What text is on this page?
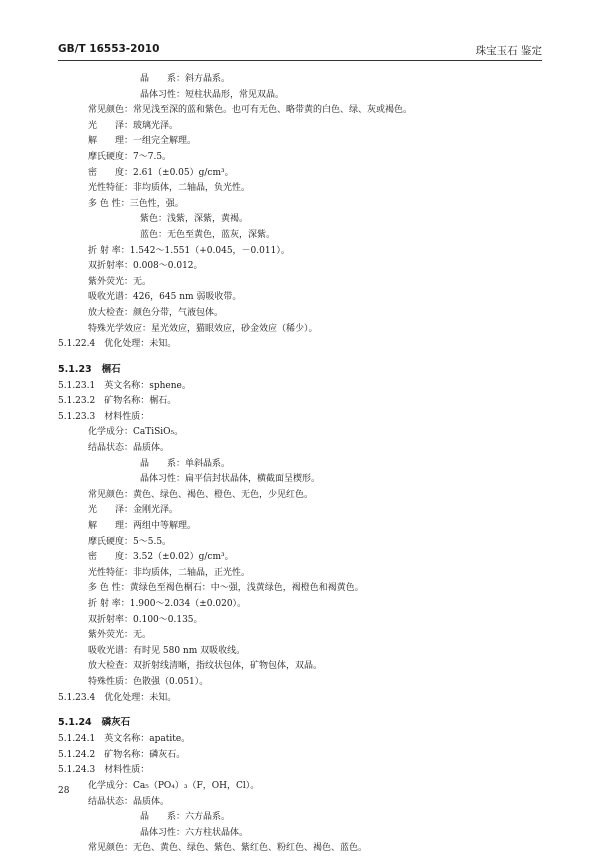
GB/T 16553-2010	珠宝玉石 鉴定
晶　　系：斜方晶系。
晶体习性：短柱状晶形，常见双晶。
常见颜色：常见浅至深的蓝和紫色。也可有无色、略带黄的白色、绿、灰或褐色。
光　　泽：玻璃光泽。
解　　理：一组完全解理。
摩氏硬度：7～7.5。
密　　度：2.61（±0.05）g/cm³。
光性特征：非均质体，二轴晶，负光性。
多 色 性：三色性，强。
紫色：浅紫，深紫，黄褐。
蓝色：无色至黄色，蓝灰，深紫。
折 射 率：1.542～1.551（+0.045，－0.011）。
双折射率：0.008～0.012。
紫外荧光：无。
吸收光谱：426，645 nm 弱吸收带。
放大检查：颜色分带，气液包体。
特殊光学效应：星光效应，猫眼效应，砂金效应（稀少）。
5.1.22.4　优化处理：未知。
5.1.23 榍石
5.1.23.1　英文名称：sphene。
5.1.23.2　矿物名称：榍石。
5.1.23.3　材料性质：
化学成分：CaTiSiO₅。
结晶状态：晶质体。
晶　　系：单斜晶系。
晶体习性：扁平信封状晶体，横截面呈楔形。
常见颜色：黄色、绿色、褐色、橙色、无色，少见红色。
光　　泽：金刚光泽。
解　　理：两组中等解理。
摩氏硬度：5～5.5。
密　　度：3.52（±0.02）g/cm³。
光性特征：非均质体，二轴晶，正光性。
多 色 性：黄绿色至褐色榍石：中～强，浅黄绿色，褐橙色和褐黄色。
折 射 率：1.900～2.034（±0.020）。
双折射率：0.100～0.135。
紫外荧光：无。
吸收光谱：有时见 580 nm 双吸收线。
放大检查：双折射线清晰，指纹状包体，矿物包体，双晶。
特殊性质：色散强（0.051）。
5.1.23.4　优化处理：未知。
5.1.24 磷灰石
5.1.24.1　英文名称：apatite。
5.1.24.2　矿物名称：磷灰石。
5.1.24.3　材料性质：
化学成分：Ca₅（PO₄）₃（F，OH，Cl）。
结晶状态：晶质体。
晶　　系：六方晶系。
晶体习性：六方柱状晶体。
常见颜色：无色、黄色、绿色、紫色、紫红色、粉红色、褐色、蓝色。
28
